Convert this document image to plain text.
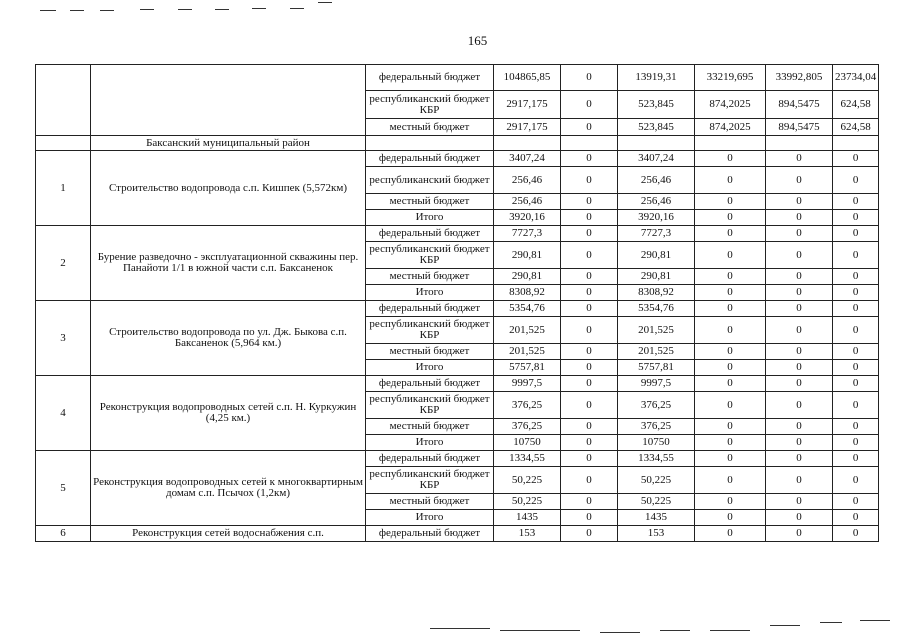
165
		федеральный бюджет	104865,85	0	13919,31	33219,695	33992,805	23734,04
		республиканский бюджет КБР	2917,175	0	523,845	874,2025	894,5475	624,58
		местный бюджет	2917,175	0	523,845	874,2025	894,5475	624,58
	Баксанский муниципальный район							
1	Строительство водопровода с.п. Кишпек (5,572км)	федеральный бюджет	3407,24	0	3407,24	0	0	0
		республиканский бюджет	256,46	0	256,46	0	0	0
		местный бюджет	256,46	0	256,46	0	0	0
		Итого	3920,16	0	3920,16	0	0	0
2	Бурение разведочно - эксплуатационной скважины пер. Панайоти 1/1 в южной части с.п. Баксаненок	федеральный бюджет	7727,3	0	7727,3	0	0	0
		республиканский бюджет КБР	290,81	0	290,81	0	0	0
		местный бюджет	290,81	0	290,81	0	0	0
		Итого	8308,92	0	8308,92	0	0	0
3	Строительство водопровода по ул. Дж. Быкова с.п. Баксаненок (5,964 км.)	федеральный бюджет	5354,76	0	5354,76	0	0	0
		республиканский бюджет КБР	201,525	0	201,525	0	0	0
		местный бюджет	201,525	0	201,525	0	0	0
		Итого	5757,81	0	5757,81	0	0	0
4	Реконструкция водопроводных сетей с.п. Н. Куркужин (4,25 км.)	федеральный бюджет	9997,5	0	9997,5	0	0	0
		республиканский бюджет КБР	376,25	0	376,25	0	0	0
		местный бюджет	376,25	0	376,25	0	0	0
		Итого	10750	0	10750	0	0	0
5	Реконструкция водопроводных сетей к многоквартирным домам с.п. Псычох (1,2км)	федеральный бюджет	1334,55	0	1334,55	0	0	0
		республиканский бюджет КБР	50,225	0	50,225	0	0	0
		местный бюджет	50,225	0	50,225	0	0	0
		Итого	1435	0	1435	0	0	0
6	Реконструкция сетей водоснабжения с.п.	федеральный бюджет	153	0	153	0	0	0
